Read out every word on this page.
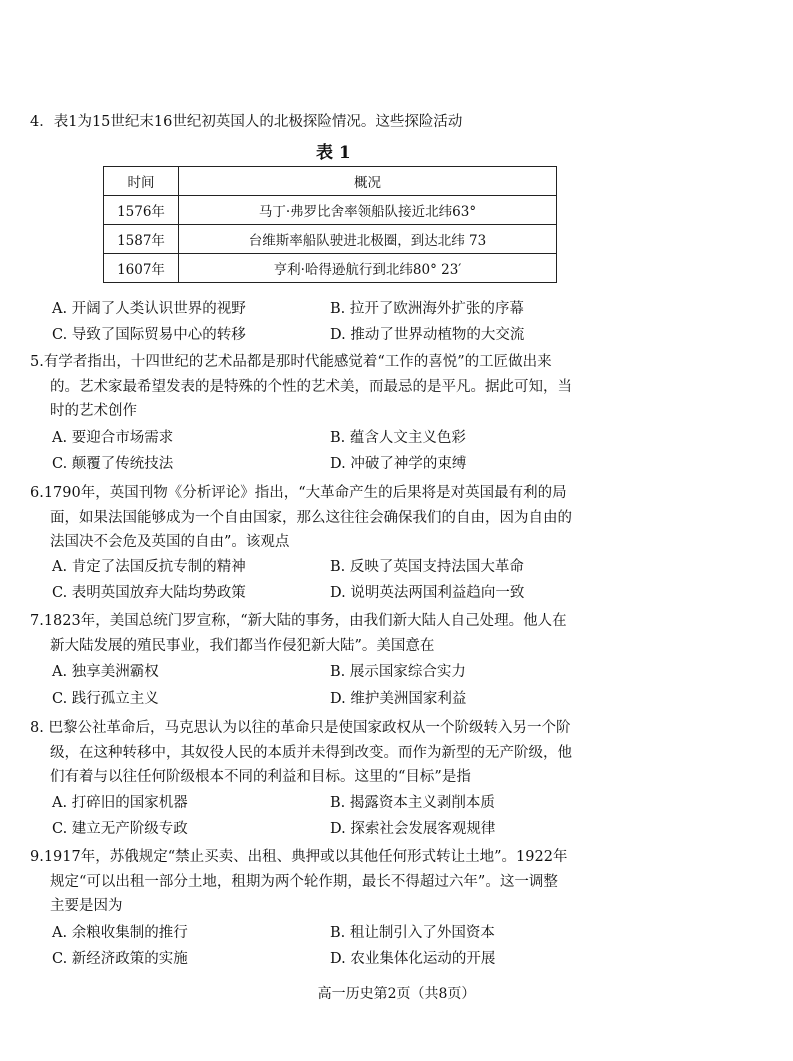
4．表1为15世纪末16世纪初英国人的北极探险情况。这些探险活动
表 1
时间	概况
1576年	马丁·弗罗比舍率领船队接近北纬63°
1587年	台维斯率船队驶进北极圈，到达北纬 73
1607年	亨利·哈得逊航行到北纬80° 23′
A. 开阔了人类认识世界的视野	B. 拉开了欧洲海外扩张的序幕
C. 导致了国际贸易中心的转移	D. 推动了世界动植物的大交流
5.有学者指出，十四世纪的艺术品都是那时代能感觉着“工作的喜悦”的工匠做出来
的。艺术家最希望发表的是特殊的个性的艺术美，而最忌的是平凡。据此可知，当
时的艺术创作
A. 要迎合市场需求	B. 蕴含人文主义色彩
C. 颠覆了传统技法	D. 冲破了神学的束缚
6.1790年，英国刊物《分析评论》指出，“大革命产生的后果将是对英国最有利的局
面，如果法国能够成为一个自由国家，那么这往往会确保我们的自由，因为自由的
法国决不会危及英国的自由”。该观点
A. 肯定了法国反抗专制的精神	B. 反映了英国支持法国大革命
C. 表明英国放弃大陆均势政策	D. 说明英法两国利益趋向一致
7.1823年，美国总统门罗宣称，“新大陆的事务，由我们新大陆人自己处理。他人在
新大陆发展的殖民事业，我们都当作侵犯新大陆”。美国意在
A. 独享美洲霸权	B. 展示国家综合实力
C. 践行孤立主义	D. 维护美洲国家利益
8. 巴黎公社革命后，马克思认为以往的革命只是使国家政权从一个阶级转入另一个阶
级，在这种转移中，其奴役人民的本质并未得到改变。而作为新型的无产阶级，他
们有着与以往任何阶级根本不同的利益和目标。这里的“目标”是指
A. 打碎旧的国家机器	B. 揭露资本主义剥削本质
C. 建立无产阶级专政	D. 探索社会发展客观规律
9.1917年，苏俄规定“禁止买卖、出租、典押或以其他任何形式转让土地”。1922年
规定“可以出租一部分土地，租期为两个轮作期，最长不得超过六年”。这一调整
主要是因为
A. 余粮收集制的推行	B. 租让制引入了外国资本
C. 新经济政策的实施	D. 农业集体化运动的开展
高一历史第2页（共8页）
